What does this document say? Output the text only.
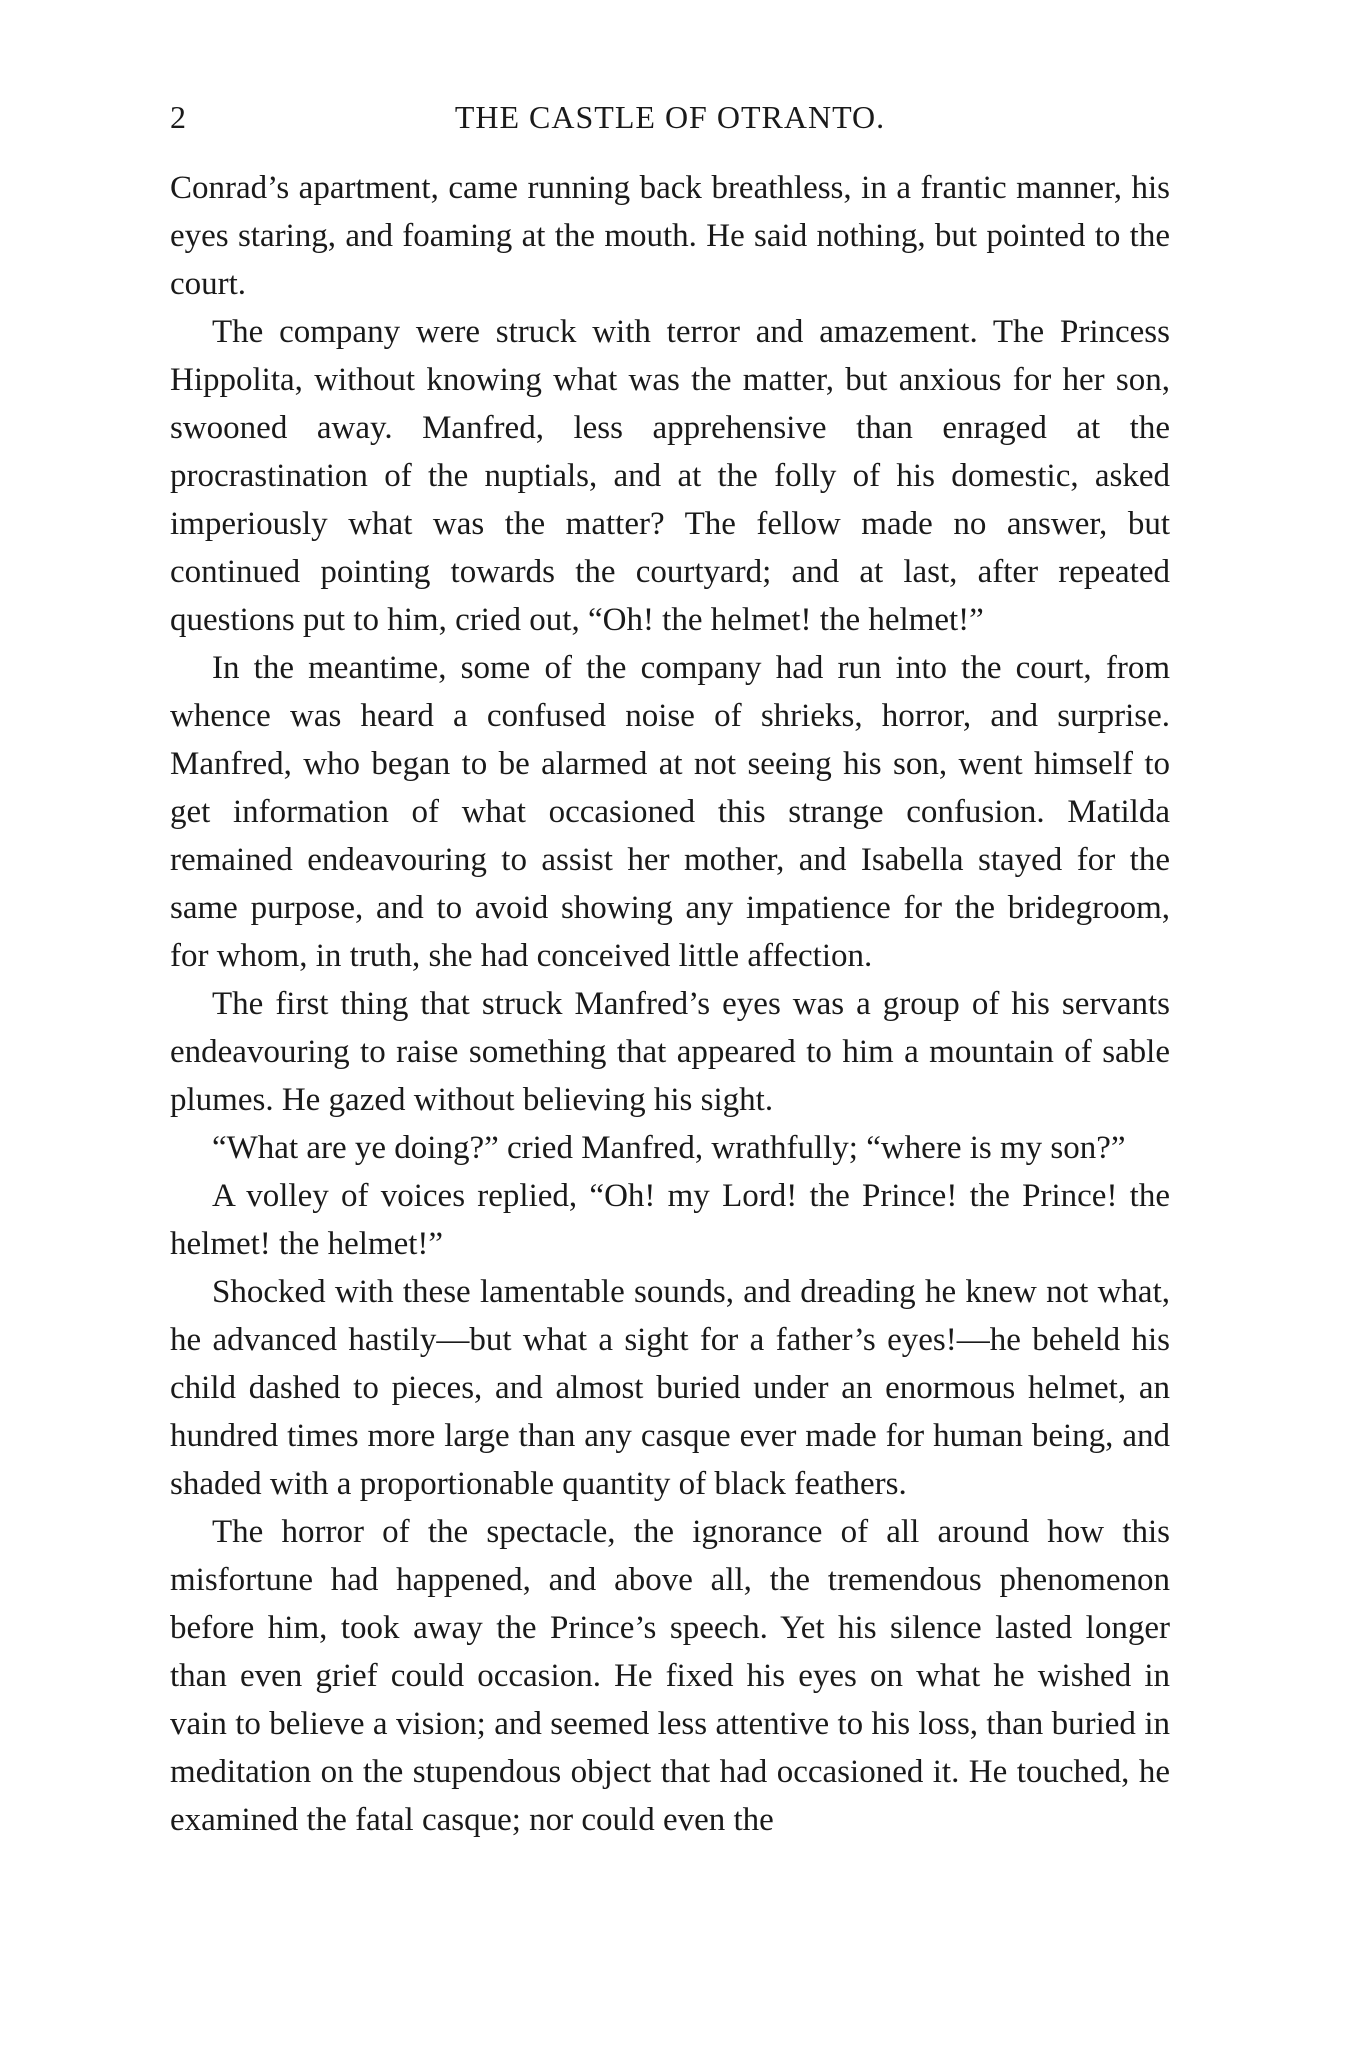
2	THE CASTLE OF OTRANTO.

Conrad’s apartment, came running back breathless, in a frantic manner, his eyes staring, and foaming at the mouth. He said nothing, but pointed to the court.

The company were struck with terror and amazement. The Princess Hippolita, without knowing what was the matter, but anxious for her son, swooned away. Manfred, less apprehensive than enraged at the procrastination of the nuptials, and at the folly of his domestic, asked imperiously what was the matter? The fellow made no answer, but continued pointing towards the courtyard; and at last, after repeated questions put to him, cried out, “Oh! the helmet! the helmet!”

In the meantime, some of the company had run into the court, from whence was heard a confused noise of shrieks, horror, and surprise. Manfred, who began to be alarmed at not seeing his son, went himself to get information of what occasioned this strange confusion. Matilda remained endeavouring to assist her mother, and Isabella stayed for the same purpose, and to avoid showing any impatience for the bridegroom, for whom, in truth, she had conceived little affection.

The first thing that struck Manfred’s eyes was a group of his servants endeavouring to raise something that appeared to him a mountain of sable plumes. He gazed without believing his sight.

“What are ye doing?” cried Manfred, wrathfully; “where is my son?”

A volley of voices replied, “Oh! my Lord! the Prince! the Prince! the helmet! the helmet!”

Shocked with these lamentable sounds, and dreading he knew not what, he advanced hastily—but what a sight for a father’s eyes!—he beheld his child dashed to pieces, and almost buried under an enormous helmet, an hundred times more large than any casque ever made for human being, and shaded with a proportionable quantity of black feathers.

The horror of the spectacle, the ignorance of all around how this misfortune had happened, and above all, the tremendous phenomenon before him, took away the Prince’s speech. Yet his silence lasted longer than even grief could occasion. He fixed his eyes on what he wished in vain to believe a vision; and seemed less attentive to his loss, than buried in meditation on the stupendous object that had occasioned it. He touched, he examined the fatal casque; nor could even the
